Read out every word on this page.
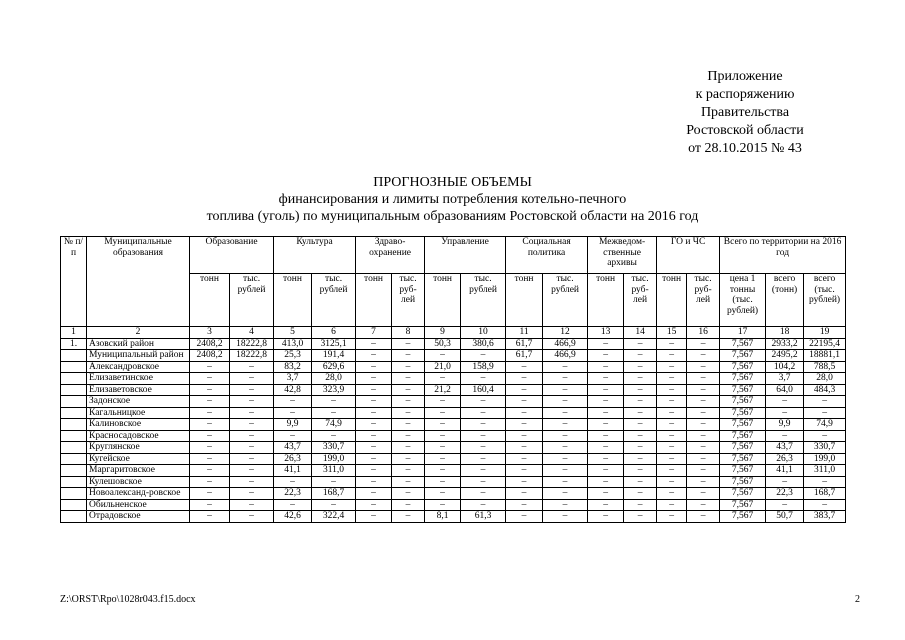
Приложение
к распоряжению
Правительства
Ростовской области
от 28.10.2015 № 43
ПРОГНОЗНЫЕ ОБЪЕМЫ
финансирования и лимиты потребления котельно-печного
топлива (уголь) по муниципальным образованиям Ростовской области на 2016 год
№ п/п	Муниципальные образования	Образование		Культура		Здраво-охранение		Управление		Социальная политика		Межведом-ственные архивы		ГО и ЧС		Всего по территории на 2016 год		
		тонн	тыс. рублей	тонн	тыс. рублей	тонн	тыс. руб-лей	тонн	тыс. рублей	тонн	тыс. рублей	тонн	тыс. руб-лей	тонн	тыс. руб-лей	цена 1 тонны (тыс. рублей)	всего (тонн)	всего (тыс. рублей)
1	2	3	4	5	6	7	8	9	10	11	12	13	14	15	16	17	18	19
1.	Азовский район	2408,2	18222,8	413,0	3125,1	–	–	50,3	380,6	61,7	466,9	–	–	–	–	7,567	2933,2	22195,4
	Муниципальный район	2408,2	18222,8	25,3	191,4	–	–	–	–	61,7	466,9	–	–	–	–	7,567	2495,2	18881,1
	Александровское	–	–	83,2	629,6	–	–	21,0	158,9	–	–	–	–	–	–	7,567	104,2	788,5
	Елизаветинское	–	–	3,7	28,0	–	–	–	–	–	–	–	–	–	–	7,567	3,7	28,0
	Елизаветовское	–	–	42,8	323,9	–	–	21,2	160,4	–	–	–	–	–	–	7,567	64,0	484,3
	Задонское	–	–	–	–	–	–	–	–	–	–	–	–	–	–	7,567	–	–
	Кагальницкое	–	–	–	–	–	–	–	–	–	–	–	–	–	–	7,567	–	–
	Калиновское	–	–	9,9	74,9	–	–	–	–	–	–	–	–	–	–	7,567	9,9	74,9
	Красносадовское	–	–	–	–	–	–	–	–	–	–	–	–	–	–	7,567	–	–
	Круглянское	–	–	43,7	330,7	–	–	–	–	–	–	–	–	–	–	7,567	43,7	330,7
	Кугейское	–	–	26,3	199,0	–	–	–	–	–	–	–	–	–	–	7,567	26,3	199,0
	Маргаритовское	–	–	41,1	311,0	–	–	–	–	–	–	–	–	–	–	7,567	41,1	311,0
	Кулешовское	–	–	–	–	–	–	–	–	–	–	–	–	–	–	7,567	–	–
	Новоалександ-ровское	–	–	22,3	168,7	–	–	–	–	–	–	–	–	–	–	7,567	22,3	168,7
	Обильненское	–	–	–	–	–	–	–	–	–	–	–	–	–	–	7,567	–	–
	Отрадовское	–	–	42,6	322,4	–	–	8,1	61,3	–	–	–	–	–	–	7,567	50,7	383,7
Z:\ORST\Rpo\1028r043.f15.docx	2
